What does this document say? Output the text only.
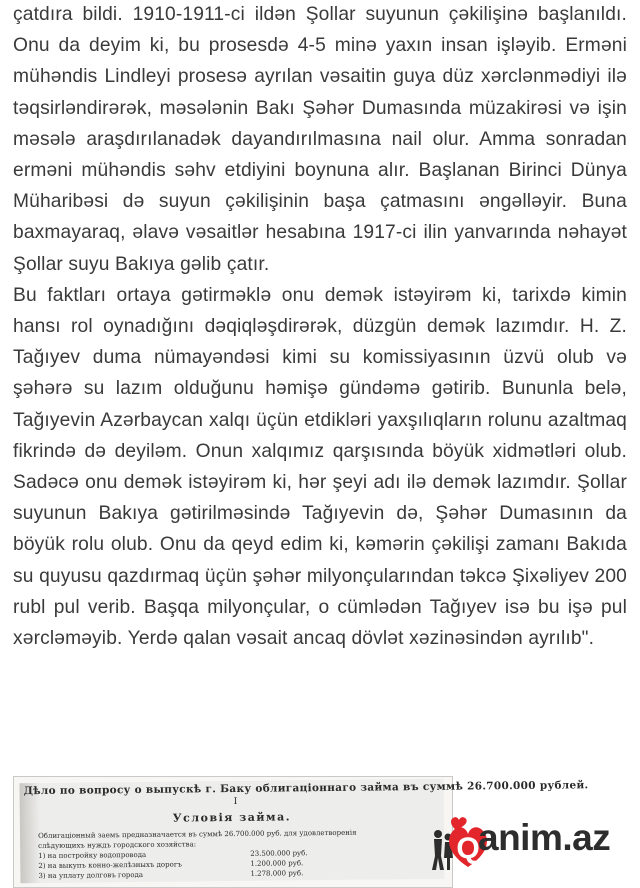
çatdıra bildi. 1910-1911-ci ildən Şollar suyunun çəkilişinə başlanıldı. Onu da deyim ki, bu prosesdə 4-5 minə yaxın insan işləyib. Erməni mühəndis Lindleyi prosesə ayrılan vəsaitin guya düz xərclənmədiyi ilə təqsirləndirərək, məsələnin Bakı Şəhər Dumasında müzakirəsi və işin məsələ araşdırılanadək dayandırılmasına nail olur. Amma sonradan erməni mühəndis səhv etdiyini boynuna alır. Başlanan Birinci Dünya Müharibəsi də suyun çəkilişinin başa çatmasını əngəlləyir. Buna baxmayaraq, əlavə vəsaitlər hesabına 1917-ci ilin yanvarında nəhayət Şollar suyu Bakıya gəlib çatır.

Bu faktları ortaya gətirməklə onu demək istəyirəm ki, tarixdə kimin hansı rol oynadığını dəqiqləşdirərək, düzgün demək lazımdır. H. Z. Tağıyev duma nümayəndəsi kimi su komissiyasının üzvü olub və şəhərə su lazım olduğunu həmişə gündəmə gətirib. Bununla belə, Tağıyevin Azərbaycan xalqı üçün etdikləri yaxşılıqların rolunu azaltmaq fikrində də deyiləm. Onun xalqımız qarşısında böyük xidmətləri olub. Sadəcə onu demək istəyirəm ki, hər şeyi adı ilə demək lazımdır. Şollar suyunun Bakıya gətirilməsində Tağıyevin də, Şəhər Dumasının da böyük rolu olub. Onu da qeyd edim ki, kəmərin çəkilişi zamanı Bakıda su quyusu qazdırmaq üçün şəhər milyonçularından təkcə Şixəliyev 200 rubl pul verib. Başqa milyonçular, o cümlədən Tağıyev isə bu işə pul xərcləməyib. Yerdə qalan vəsait ancaq dövlət xəzinəsindən ayrılıb".

Дѣло по вопросу о выпускѣ г. Баку облигаціоннаго займа въ суммѣ 26.700.000 рублей.
I
Условія займа.
Облигаціонный заемъ предназначается въ суммѣ 26.700.000 руб. для удовлетворенія
слѣдующихъ нуждъ городского хозяйства:
1) на постройку водопровода
2) на выкупъ конно-желѣзныхъ дорогъ
3) на уплату долговъ города

23.500.000 руб.
1.200.000 руб.
1.278.000 руб.
Q
anim.az
